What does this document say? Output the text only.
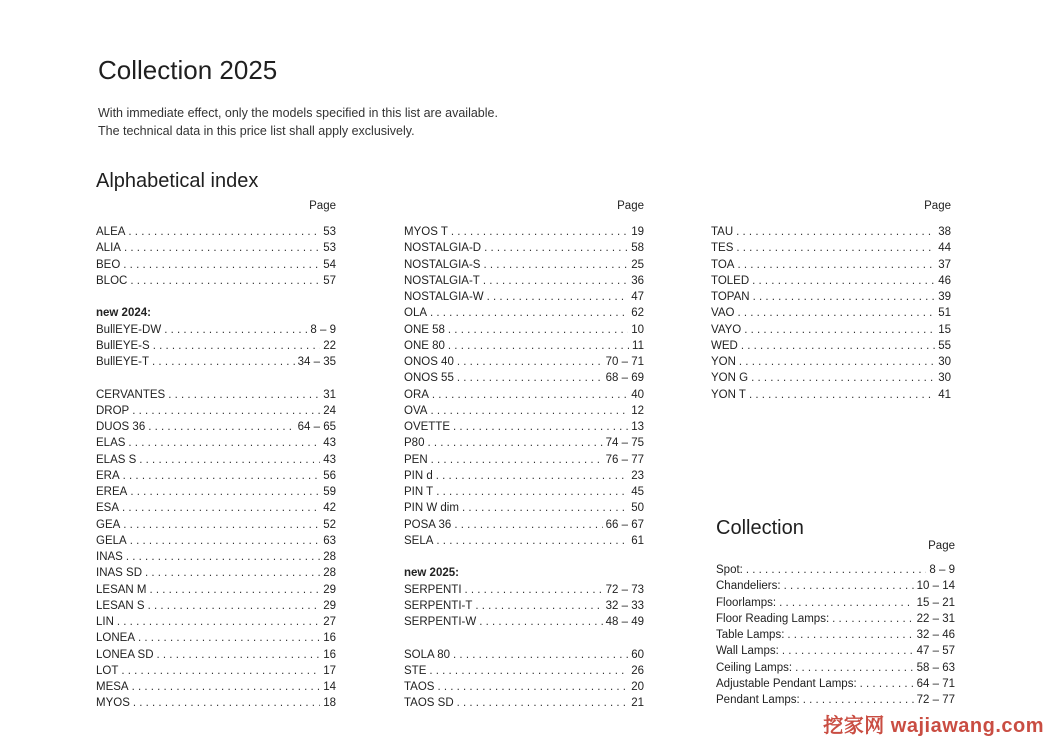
Collection 2025
With immediate effect, only the models specified in this list are available.
The technical data in this price list shall apply exclusively.
Alphabetical index
Page
ALEA . . .	53
ALIA . . .	53
BEO . . .	54
BLOC . . .	57
new 2024:
BullEYE-DW . . .	8 – 9
BullEYE-S . . .	22
BullEYE-T . . .	34 – 35
CERVANTES . . .	31
DROP . . .	24
DUOS 36 . . .	64 – 65
ELAS . . .	43
ELAS S . . .	43
ERA . . .	56
EREA . . .	59
ESA . . .	42
GEA . . .	52
GELA . . .	63
INAS . . .	28
INAS SD . . .	28
LESAN M . . .	29
LESAN S . . .	29
LIN . . .	27
LONEA . . .	16
LONEA SD . . .	16
LOT . . .	17
MESA . . .	14
MYOS . . .	18
Page
MYOS T . . .	19
NOSTALGIA-D . . .	58
NOSTALGIA-S . . .	25
NOSTALGIA-T . . .	36
NOSTALGIA-W . . .	47
OLA . . .	62
ONE 58 . . .	10
ONE 80 . . .	11
ONOS 40 . . .	70 – 71
ONOS 55 . . .	68 – 69
ORA . . .	40
OVA . . .	12
OVETTE . . .	13
P80 . . .	74 – 75
PEN . . .	76 – 77
PIN d . . .	23
PIN T . . .	45
PIN W dim . . .	50
POSA 36 . . .	66 – 67
SELA . . .	61
new 2025:
SERPENTI . . .	72 – 73
SERPENTI-T . . .	32 – 33
SERPENTI-W . . .	48 – 49
SOLA 80 . . .	60
STE . . .	26
TAOS . . .	20
TAOS SD . . .	21
Page
TAU . . .	38
TES . . .	44
TOA . . .	37
TOLED . . .	46
TOPAN . . .	39
VAO . . .	51
VAYO . . .	15
WED . . .	55
YON . . .	30
YON G . . .	30
YON T . . .	41
Collection
Page
Spot: . . .	8 – 9
Chandeliers: . . .	10 – 14
Floorlamps: . . .	15 – 21
Floor Reading Lamps: . . .	22 – 31
Table Lamps: . . .	32 – 46
Wall Lamps: . . .	47 – 57
Ceiling Lamps: . . .	58 – 63
Adjustable Pendant Lamps: . . .	64 – 71
Pendant Lamps: . . .	72 – 77
挖家网 wajiawang.com
